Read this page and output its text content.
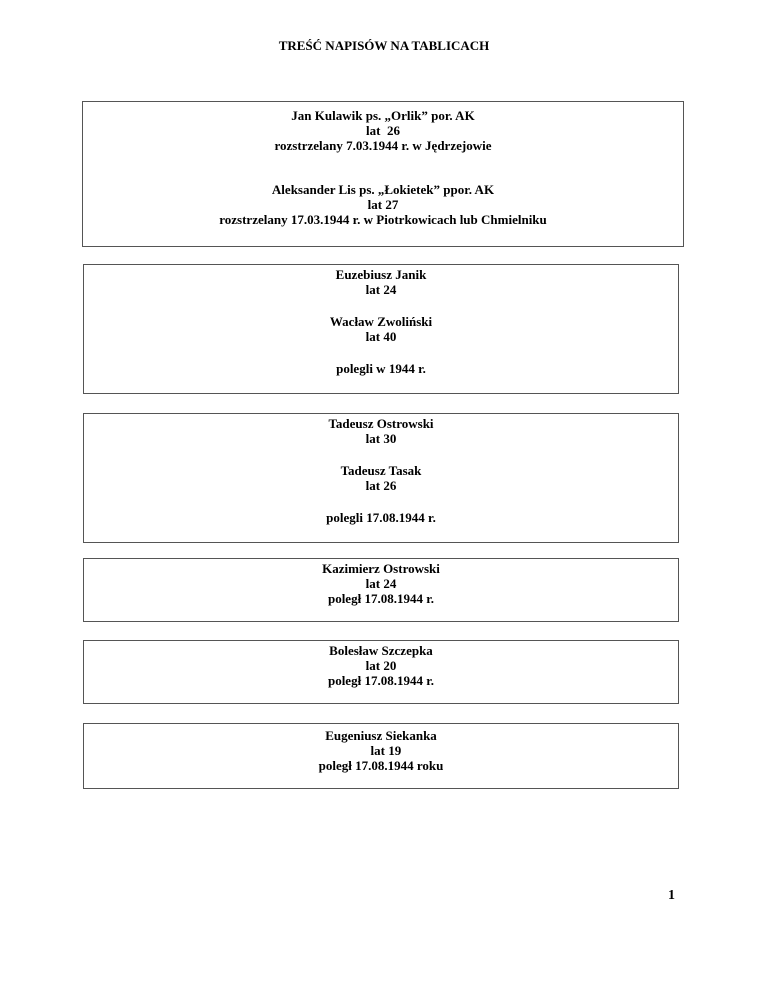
TREŚĆ NAPISÓW NA TABLICACH
Jan Kulawik ps. „Orlik” por. AK
lat  26
rozstrzelany 7.03.1944 r. w Jędrzejowie
Aleksander Lis ps. „Łokietek” ppor. AK
lat 27
rozstrzelany 17.03.1944 r. w Piotrkowicach lub Chmielniku
Euzebiusz Janik
lat 24
Wacław Zwoliński
lat 40
polegli w 1944 r.
Tadeusz Ostrowski
lat 30
Tadeusz Tasak
lat 26
polegli 17.08.1944 r.
Kazimierz Ostrowski
lat 24
poległ 17.08.1944 r.
Bolesław Szczepka
lat 20
poległ 17.08.1944 r.
Eugeniusz Siekanka
lat 19
poległ 17.08.1944 roku
1
